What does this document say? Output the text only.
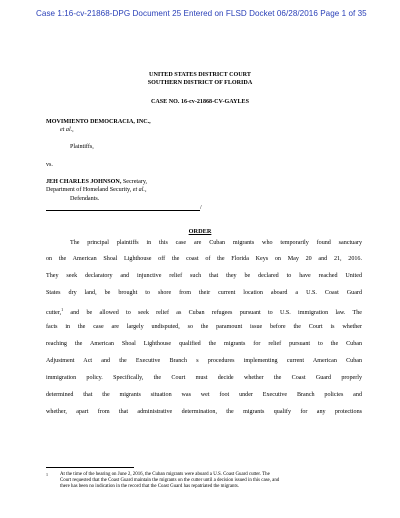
Case 1:16-cv-21868-DPG Document 25 Entered on FLSD Docket 06/28/2016 Page 1 of 35
UNITED STATES DISTRICT COURT
SOUTHERN DISTRICT OF FLORIDA
CASE NO. 16-cv-21868-CV-GAYLES
MOVIMIENTO DEMOCRACIA, INC.,
et al.,
Plaintiffs,
vs.
JEH CHARLES JOHNSON, Secretary,
Department of Homeland Security, et al.,
Defendants.
/
ORDER
The principal plaintiffs in this case are Cuban migrants who temporarily found sanctuary
on the American Shoal Lighthouse off the coast of the Florida Keys on May 20 and 21, 2016.
They seek declaratory and injunctive relief such that they be declared to have reached United
States dry land, be brought to shore from their current location aboard a U.S. Coast Guard
cutter,$^1$ and be allowed to seek relief as Cuban refugees pursuant to U.S. immigration law. The
facts in the case are largely undisputed, so the paramount issue before the Court is whether
reaching the American Shoal Lighthouse qualified the migrants for relief pursuant to the Cuban
Adjustment Act and the Executive Branch s procedures implementing current American Cuban
immigration policy. Specifically, the Court must decide whether the Coast Guard properly
determined that the migrants situation was wet foot under Executive Branch policies and
whether, apart from that administrative determination, the migrants qualify for any protections
$^1$ At the time of the hearing on June 2, 2016, the Cuban migrants were aboard a U.S. Coast Guard cutter. The
Court requested that the Coast Guard maintain the migrants on the cutter until a decision issued in this case, and
there has been no indication in the record that the Coast Guard has repatriated the migrants.
